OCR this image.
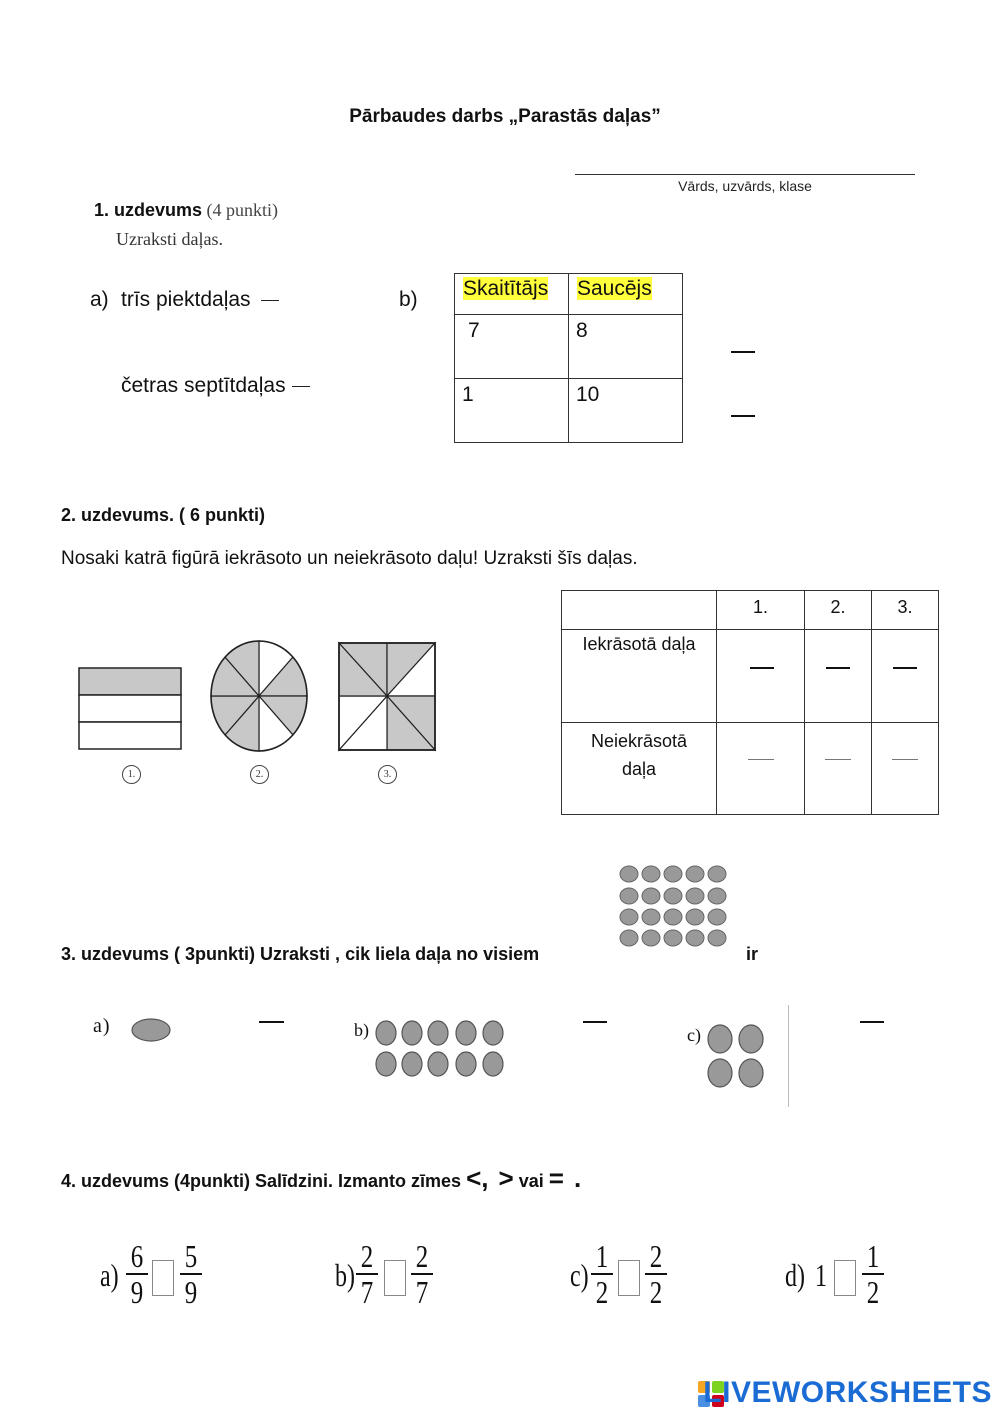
Pārbaudes darbs „Parastās daļas”
Vārds, uzvārds, klase
1. uzdevums (4 punkti)
Uzraksti daļas.
a) trīs piektdaļas
četras septītdaļas
b) Skaitītājs	Saucējs
7	8
1	10
2. uzdevums. ( 6 punkti)
Nosaki katrā figūrā iekrāsoto un neiekrāsoto daļu! Uzraksti šīs daļas.
1.	2.	3.
	1.	2.	3.
Iekrāsotā daļa	

Neiekrāsotā
daļa	

3. uzdevums ( 3punkti) Uzraksti , cik liela daļa no visiem	ir
a)	b)	c)
4. uzdevums (4punkti) Salīdzini. Izmanto zīmes <, > vai = .
a)
6
9
5
9	b)
2
7
2
7	c)
1
2
2
2	d) 1
1
2
LIVEWORKSHEETS
